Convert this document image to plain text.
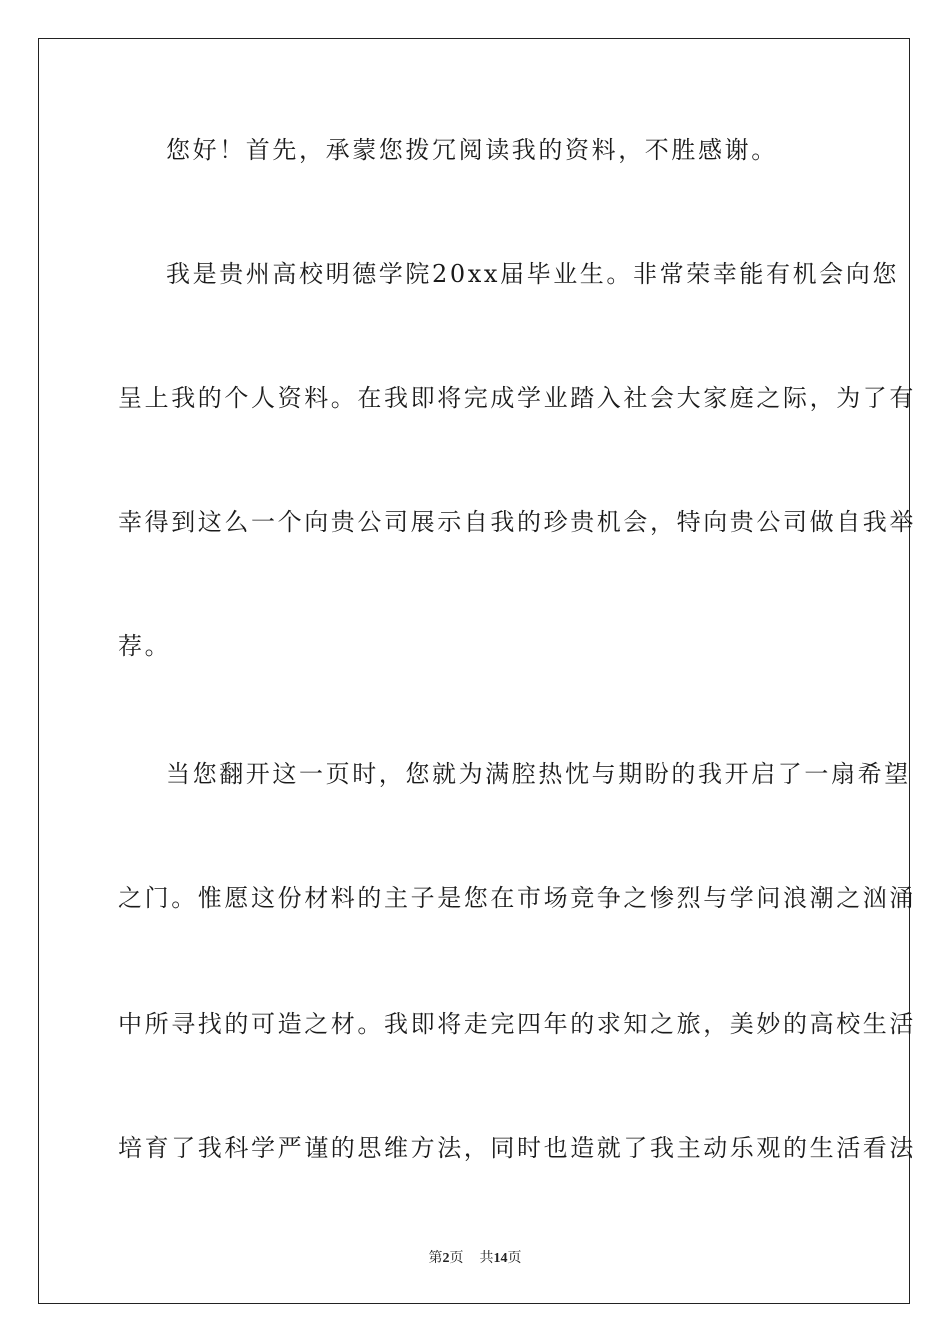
您好！首先，承蒙您拨冗阅读我的资料，不胜感谢。
我是贵州高校明德学院20xx届毕业生。非常荣幸能有机会向您
呈上我的个人资料。在我即将完成学业踏入社会大家庭之际，为了有
幸得到这么一个向贵公司展示自我的珍贵机会，特向贵公司做自我举
荐。
当您翻开这一页时，您就为满腔热忱与期盼的我开启了一扇希望
之门。惟愿这份材料的主子是您在市场竞争之惨烈与学问浪潮之汹涌
中所寻找的可造之材。我即将走完四年的求知之旅，美妙的高校生活
培育了我科学严谨的思维方法，同时也造就了我主动乐观的生活看法
第2页 共14页
